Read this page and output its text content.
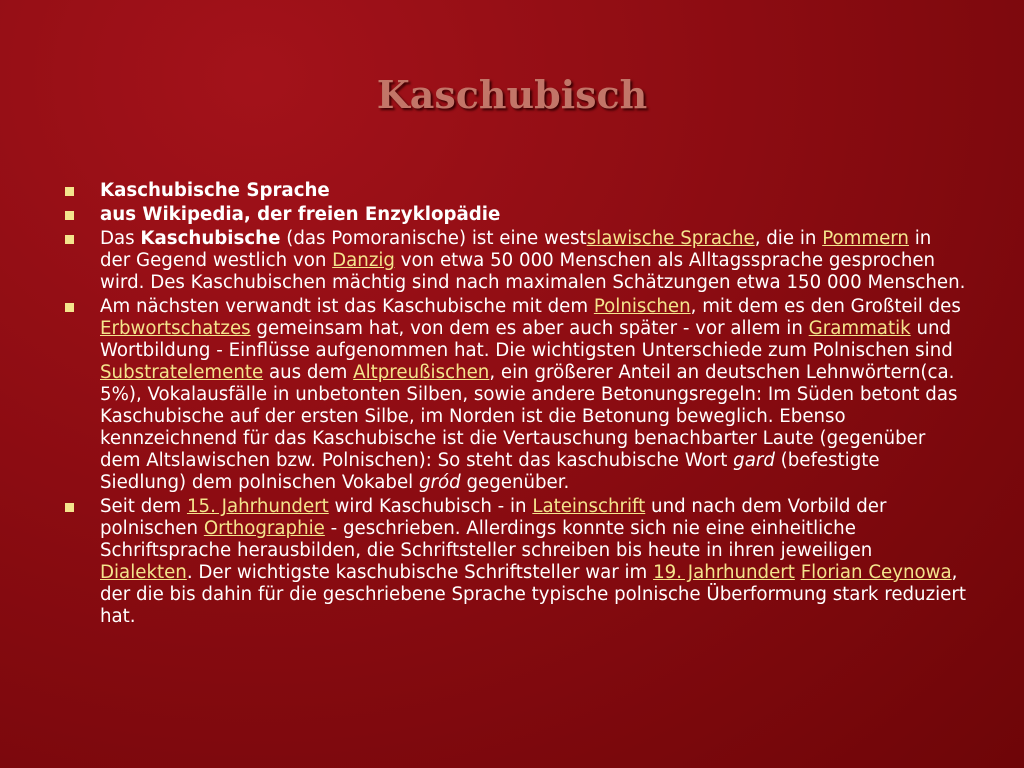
Kaschubisch
Kaschubische Sprache
aus Wikipedia, der freien Enzyklopädie
Das Kaschubische (das Pomoranische) ist eine westslawische Sprache, die in Pommern in der Gegend westlich von Danzig von etwa 50 000 Menschen als Alltagssprache gesprochen wird. Des Kaschubischen mächtig sind nach maximalen Schätzungen etwa 150 000 Menschen.
Am nächsten verwandt ist das Kaschubische mit dem Polnischen, mit dem es den Großteil des Erbwortschatzes gemeinsam hat, von dem es aber auch später - vor allem in Grammatik und Wortbildung - Einflüsse aufgenommen hat. Die wichtigsten Unterschiede zum Polnischen sind Substratelemente aus dem Altpreußischen, ein größerer Anteil an deutschen Lehnwörtern(ca. 5%), Vokalausfälle in unbetonten Silben, sowie andere Betonungsregeln: Im Süden betont das Kaschubische auf der ersten Silbe, im Norden ist die Betonung beweglich. Ebenso kennzeichnend für das Kaschubische ist die Vertauschung benachbarter Laute (gegenüber dem Altslawischen bzw. Polnischen): So steht das kaschubische Wort gard (befestigte Siedlung) dem polnischen Vokabel gród gegenüber.
Seit dem 15. Jahrhundert wird Kaschubisch - in Lateinschrift und nach dem Vorbild der polnischen Orthographie - geschrieben. Allerdings konnte sich nie eine einheitliche Schriftsprache herausbilden, die Schriftsteller schreiben bis heute in ihren jeweiligen Dialekten. Der wichtigste kaschubische Schriftsteller war im 19. Jahrhundert Florian Ceynowa, der die bis dahin für die geschriebene Sprache typische polnische Überformung stark reduziert hat.
